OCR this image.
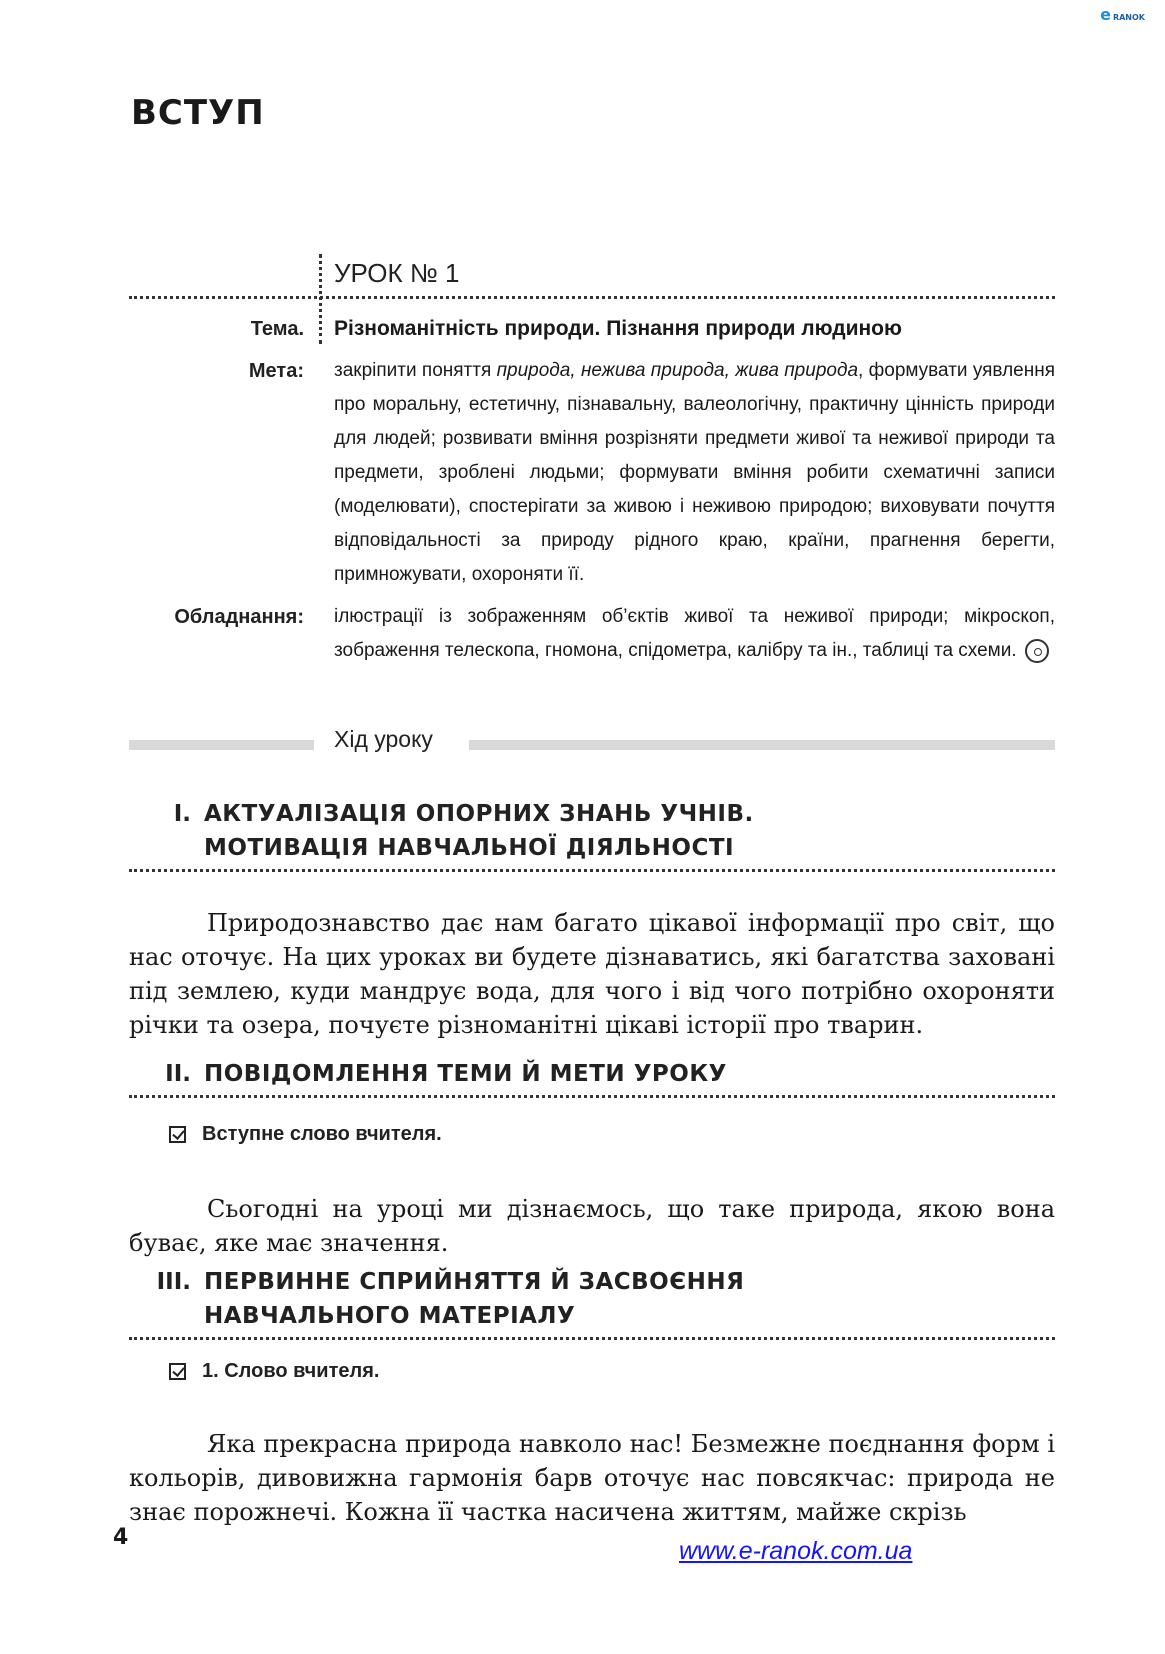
e RANOK
ВСТУП
УРОК № 1
Тема.	Різноманітність природи. Пізнання природи людиною
Мета:	закріпити поняття природа, нежива природа, жива природа, формувати уявлення про моральну, естетичну, пізнавальну, валеологічну, практичну цінність природи для людей; розвивати вміння розрізняти предмети живої та неживої природи та предмети, зроблені людьми; формувати вміння робити схематичні записи (моделювати), спостерігати за живою і неживою природою; виховувати почуття відповідальності за природу рідного краю, країни, прагнення берегти, примножувати, охороняти її.
Обладнання:	ілюстрації із зображенням об’єктів живої та неживої природи; мікроскоп, зображення телескопа, гномона, спідометра, калібру та ін., таблиці та схеми.
Хід уроку
I. АКТУАЛІЗАЦІЯ ОПОРНИХ ЗНАНЬ УЧНІВ.
МОТИВАЦІЯ НАВЧАЛЬНОЇ ДІЯЛЬНОСТІ

Природознавство дає нам багато цікавої інформації про світ, що нас оточує. На цих уроках ви будете дізнаватись, які багатства заховані під землею, куди мандрує вода, для чого і від чого потрібно охороняти річки та озера, почуєте різноманітні цікаві історії про тварин.

II. ПОВІДОМЛЕННЯ ТЕМИ Й МЕТИ УРОКУ
Вступне слово вчителя.

Сьогодні на уроці ми дізнаємось, що таке природа, якою вона буває, яке має значення.

III. ПЕРВИННЕ СПРИЙНЯТТЯ Й ЗАСВОЄННЯ
НАВЧАЛЬНОГО МАТЕРІАЛУ
1. Слово вчителя.

Яка прекрасна природа навколо нас! Безмежне поєднання форм і кольорів, дивовижна гармонія барв оточує нас повсякчас: природа не знає порожнечі. Кожна її частка насичена життям, майже скрізь

4	www.e-ranok.com.ua
